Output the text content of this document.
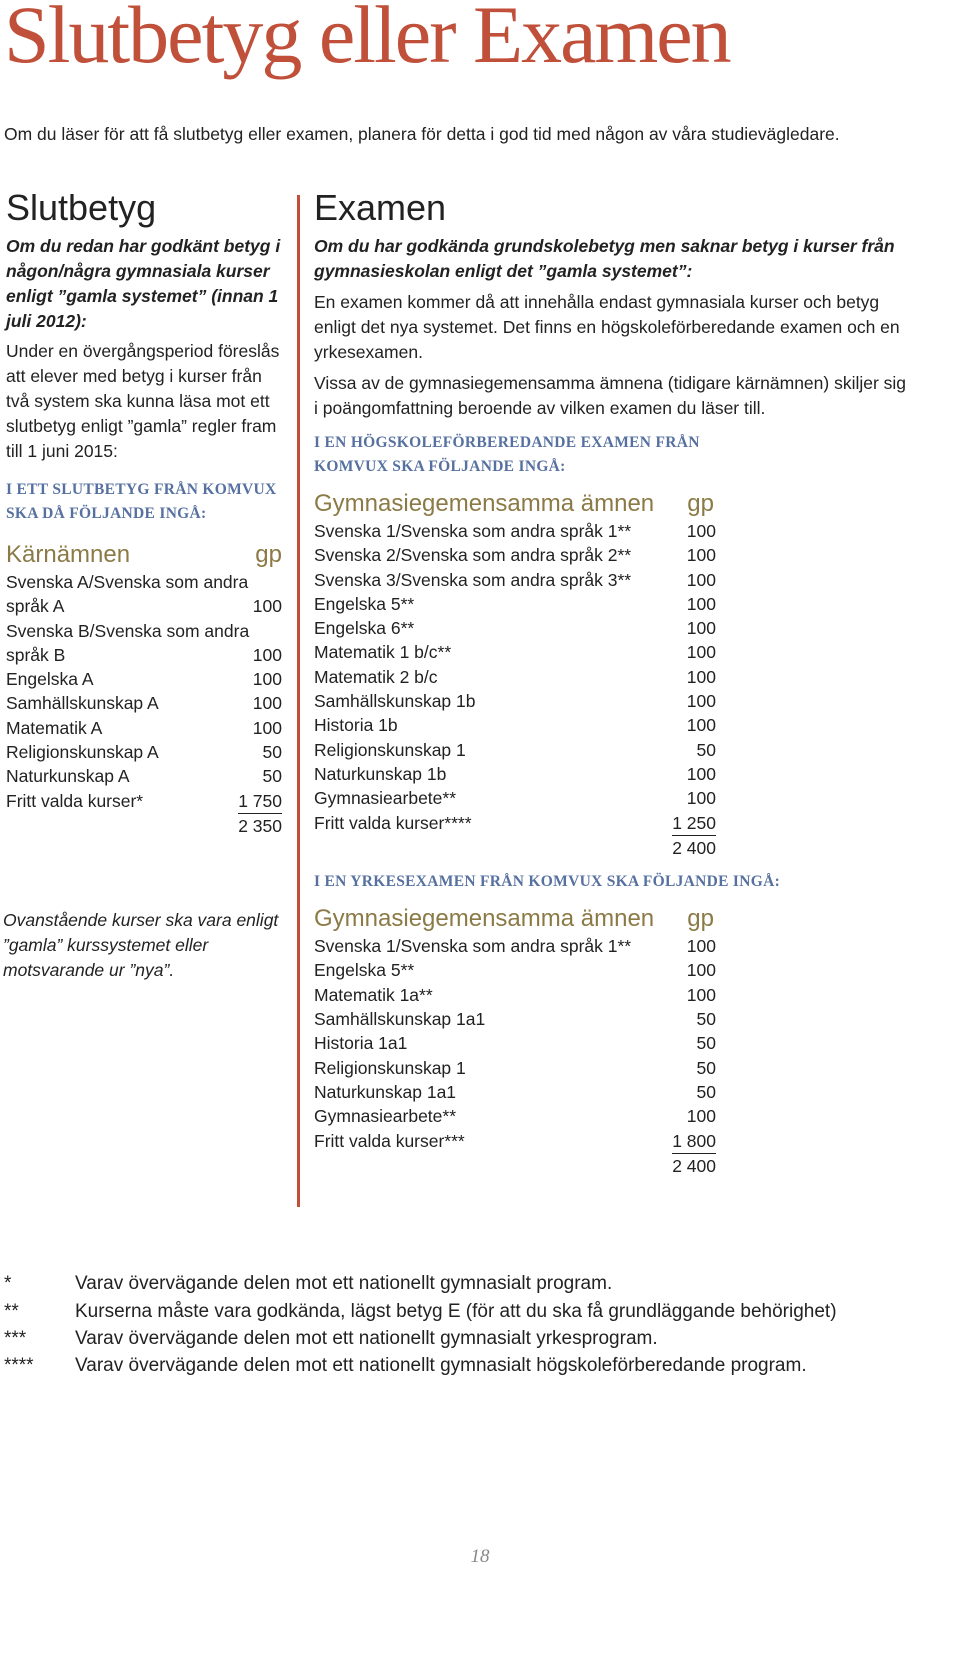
Slutbetyg eller Examen
Om du läser för att få slutbetyg eller examen, planera för detta i god tid med någon av våra studievägledare.
Slutbetyg
Om du redan har godkänt betyg i någon/några gymnasiala kurser enligt ”gamla systemet” (innan 1 juli 2012):
Under en övergångsperiod föreslås att elever med betyg i kurser från två system ska kunna läsa mot ett slutbetyg enligt ”gamla” regler fram till 1 juni 2015:
I ETT SLUTBETYG FRÅN KOMVUX SKA DÅ FÖLJANDE INGÅ:
Kärnämnen	gp
Svenska A/Svenska som andra
språk A	100
Svenska B/Svenska som andra
språk B	100
Engelska A	100
Samhällskunskap A	100
Matematik A	100
Religionskunskap A	50
Naturkunskap A	50
Fritt valda kurser*	1 750
2 350
Ovanstående kurser ska vara enligt ”gamla” kurssystemet eller motsvarande ur ”nya”.
Examen
Om du har godkända grundskolebetyg men saknar betyg i kurser från gymnasieskolan enligt det ”gamla systemet”:
En examen kommer då att innehålla endast gymnasiala kurser och betyg enligt det nya systemet. Det finns en högskoleförberedande examen och en yrkesexamen.
Vissa av de gymnasiegemensamma ämnena (tidigare kärnämnen) skiljer sig i poängomfattning beroende av vilken examen du läser till.
I EN HÖGSKOLEFÖRBEREDANDE EXAMEN FRÅN KOMVUX SKA FÖLJANDE INGÅ:
Gymnasiegemensamma ämnen gp
Svenska 1/Svenska som andra språk 1**	100
Svenska 2/Svenska som andra språk 2**	100
Svenska 3/Svenska som andra språk 3**	100
Engelska 5**	100
Engelska 6**	100
Matematik 1 b/c**	100
Matematik 2 b/c	100
Samhällskunskap 1b	100
Historia 1b	100
Religionskunskap 1	50
Naturkunskap 1b	100
Gymnasiearbete**	100
Fritt valda kurser****	1 250
2 400
I EN YRKESEXAMEN FRÅN KOMVUX SKA FÖLJANDE INGÅ:
Gymnasiegemensamma ämnen gp
Svenska 1/Svenska som andra språk 1**	100
Engelska 5**	100
Matematik 1a**	100
Samhällskunskap 1a1	50
Historia 1a1	50
Religionskunskap 1	50
Naturkunskap 1a1	50
Gymnasiearbete**	100
Fritt valda kurser***	1 800
2 400
*	Varav övervägande delen mot ett nationellt gymnasialt program.
**	Kurserna måste vara godkända, lägst betyg E (för att du ska få grundläggande behörighet)
***	Varav övervägande delen mot ett nationellt gymnasialt yrkesprogram.
**** Varav övervägande delen mot ett nationellt gymnasialt högskoleförberedande program.
18
